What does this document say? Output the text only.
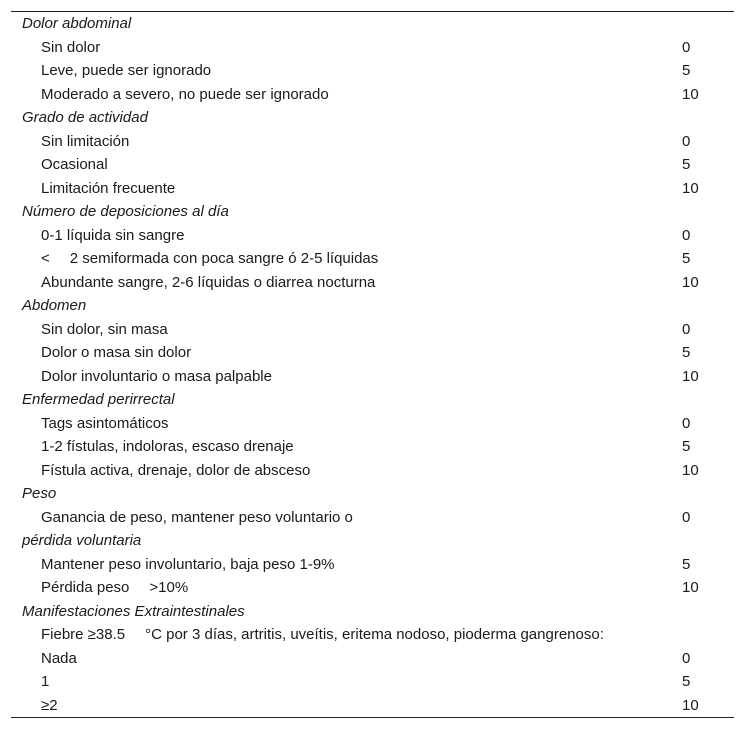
Dolor abdominal
Sin dolor	0
Leve, puede ser ignorado	5
Moderado a severo, no puede ser ignorado	10
Grado de actividad
Sin limitación	0
Ocasional	5
Limitación frecuente	10
Número de deposiciones al día
0-1 líquida sin sangre	0
< 2 semiformada con poca sangre ó 2-5 líquidas	5
Abundante sangre, 2-6 líquidas o diarrea nocturna	10
Abdomen
Sin dolor, sin masa	0
Dolor o masa sin dolor	5
Dolor involuntario o masa palpable	10
Enfermedad perirrectal
Tags asintomáticos	0
1-2 fístulas, indoloras, escaso drenaje	5
Fístula activa, drenaje, dolor de absceso	10
Peso
Ganancia de peso, mantener peso voluntario o	0
pérdida voluntaria
Mantener peso involuntario, baja peso 1-9%	5
Pérdida peso >10%	10
Manifestaciones Extraintestinales
Fiebre ≥38.5 °C por 3 días, artritis, uveítis, eritema nodoso, pioderma gangrenoso:
Nada	0
1	5
≥2	10
